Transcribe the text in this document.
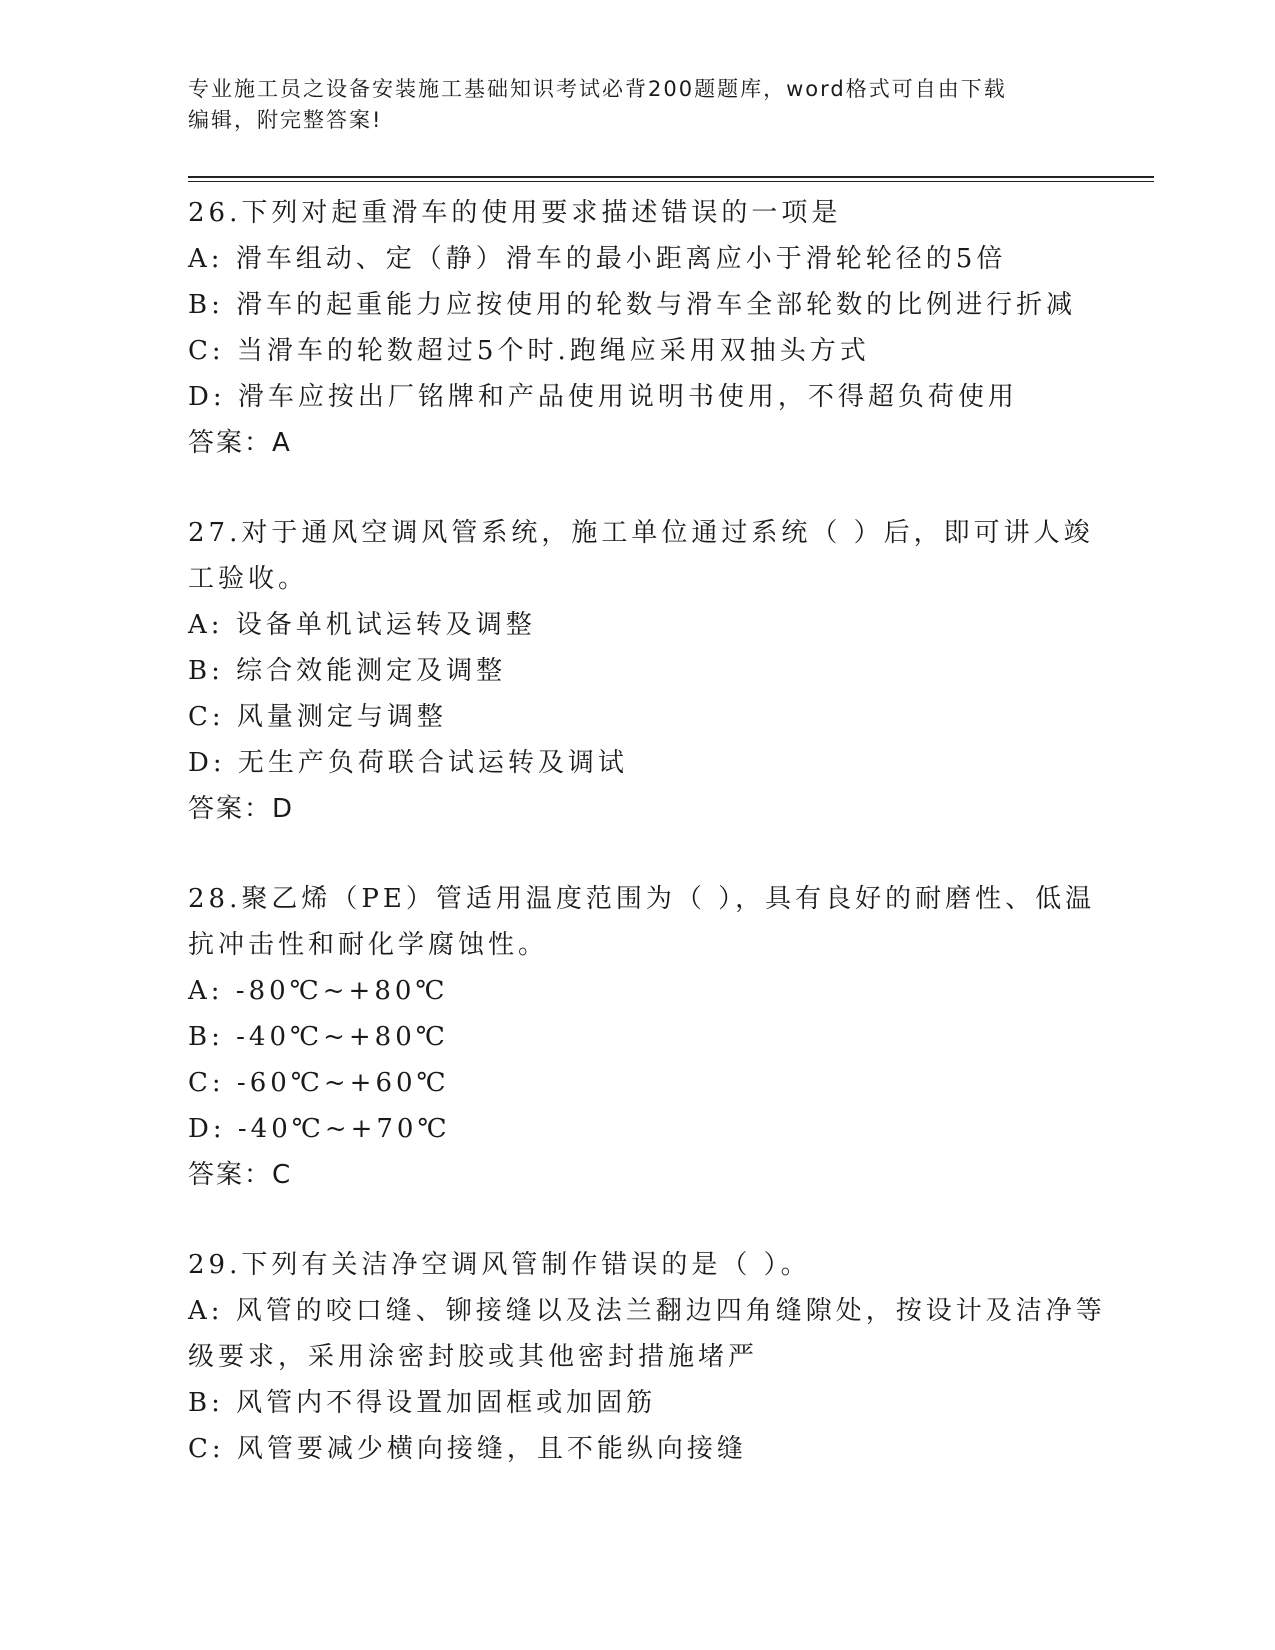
专业施工员之设备安装施工基础知识考试必背200题题库，word格式可自由下载
编辑，附完整答案!
26.下列对起重滑车的使用要求描述错误的一项是
A: 滑车组动、定（静）滑车的最小距离应小于滑轮轮径的5倍
B: 滑车的起重能力应按使用的轮数与滑车全部轮数的比例进行折减
C: 当滑车的轮数超过5个时.跑绳应采用双抽头方式
D: 滑车应按出厂铭牌和产品使用说明书使用，不得超负荷使用
答案：A
27.对于通风空调风管系统，施工单位通过系统（ ）后，即可讲人竣
工验收。
A: 设备单机试运转及调整
B: 综合效能测定及调整
C: 风量测定与调整
D: 无生产负荷联合试运转及调试
答案：D
28.聚乙烯（PE）管适用温度范围为（ ），具有良好的耐磨性、低温
抗冲击性和耐化学腐蚀性。
A: -80℃~+80℃
B: -40℃~+80℃
C: -60℃~+60℃
D: -40℃~+70℃
答案：C
29.下列有关洁净空调风管制作错误的是（ ）。
A: 风管的咬口缝、铆接缝以及法兰翻边四角缝隙处，按设计及洁净等
级要求，采用涂密封胶或其他密封措施堵严
B: 风管内不得设置加固框或加固筋
C: 风管要减少横向接缝，且不能纵向接缝
